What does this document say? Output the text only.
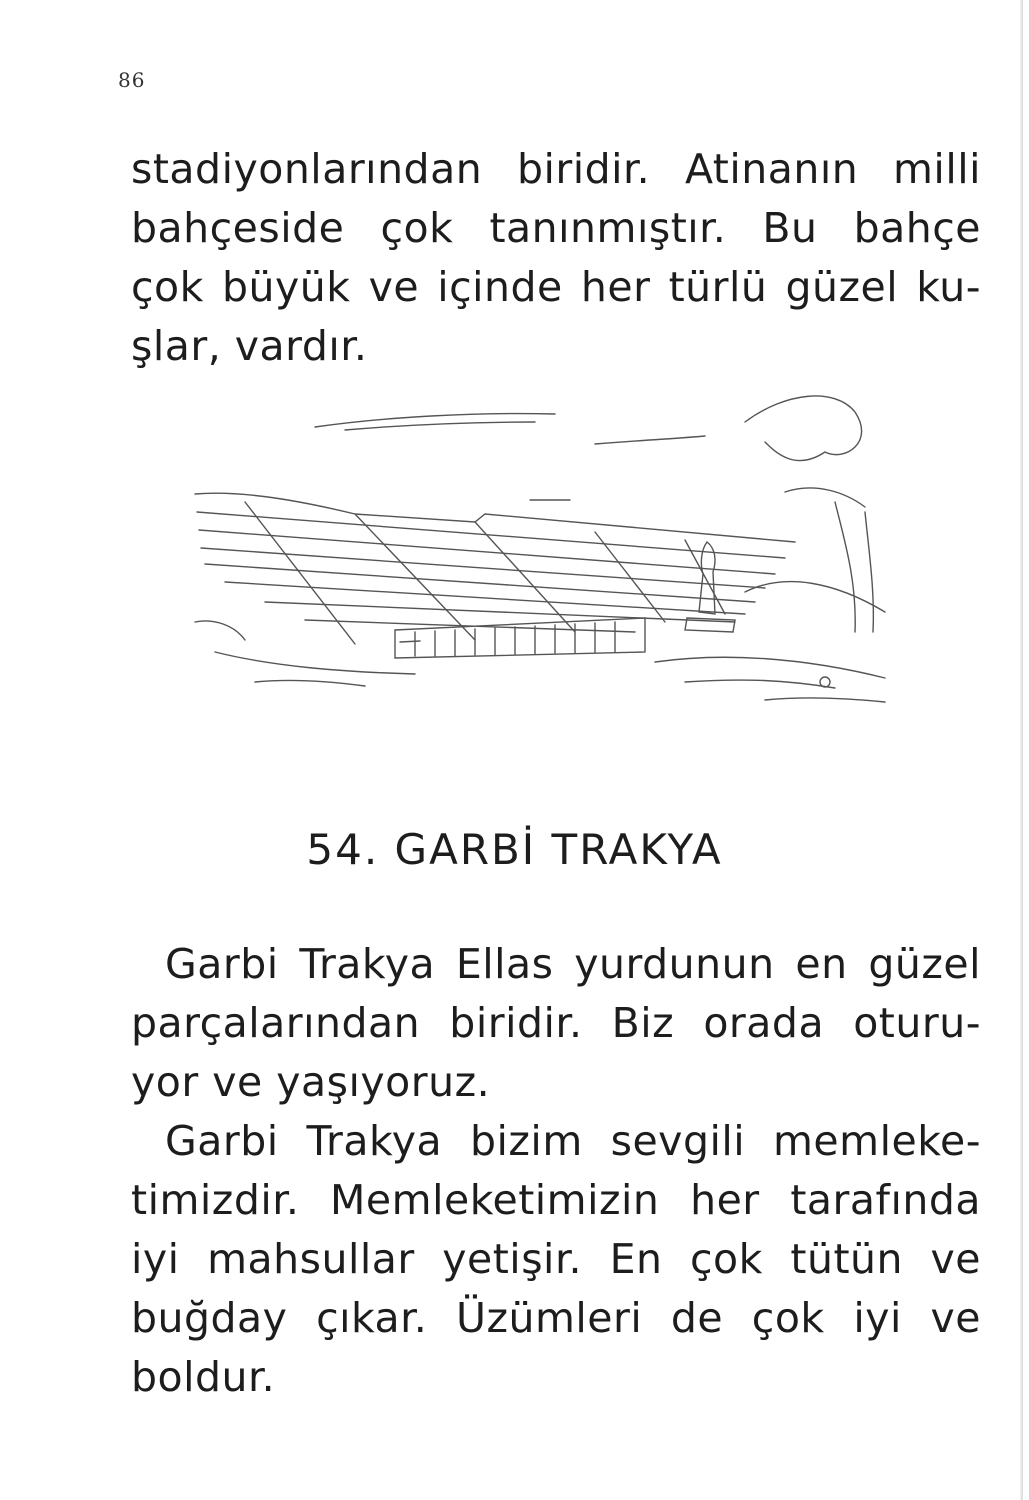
86
stadiyonlarından biridir. Atinanın milli
bahçeside çok tanınmıştır. Bu bahçe
çok büyük ve içinde her türlü güzel ku-
şlar, vardır.
54. GARBİ TRAKYA
Garbi Trakya Ellas yurdunun en güzel
parçalarından biridir. Biz orada oturu-
yor ve yaşıyoruz.
Garbi Trakya bizim sevgili memleke-
timizdir. Memleketimizin her tarafında
iyi mahsullar yetişir. En çok tütün ve
buğday çıkar. Üzümleri de çok iyi ve
boldur.
